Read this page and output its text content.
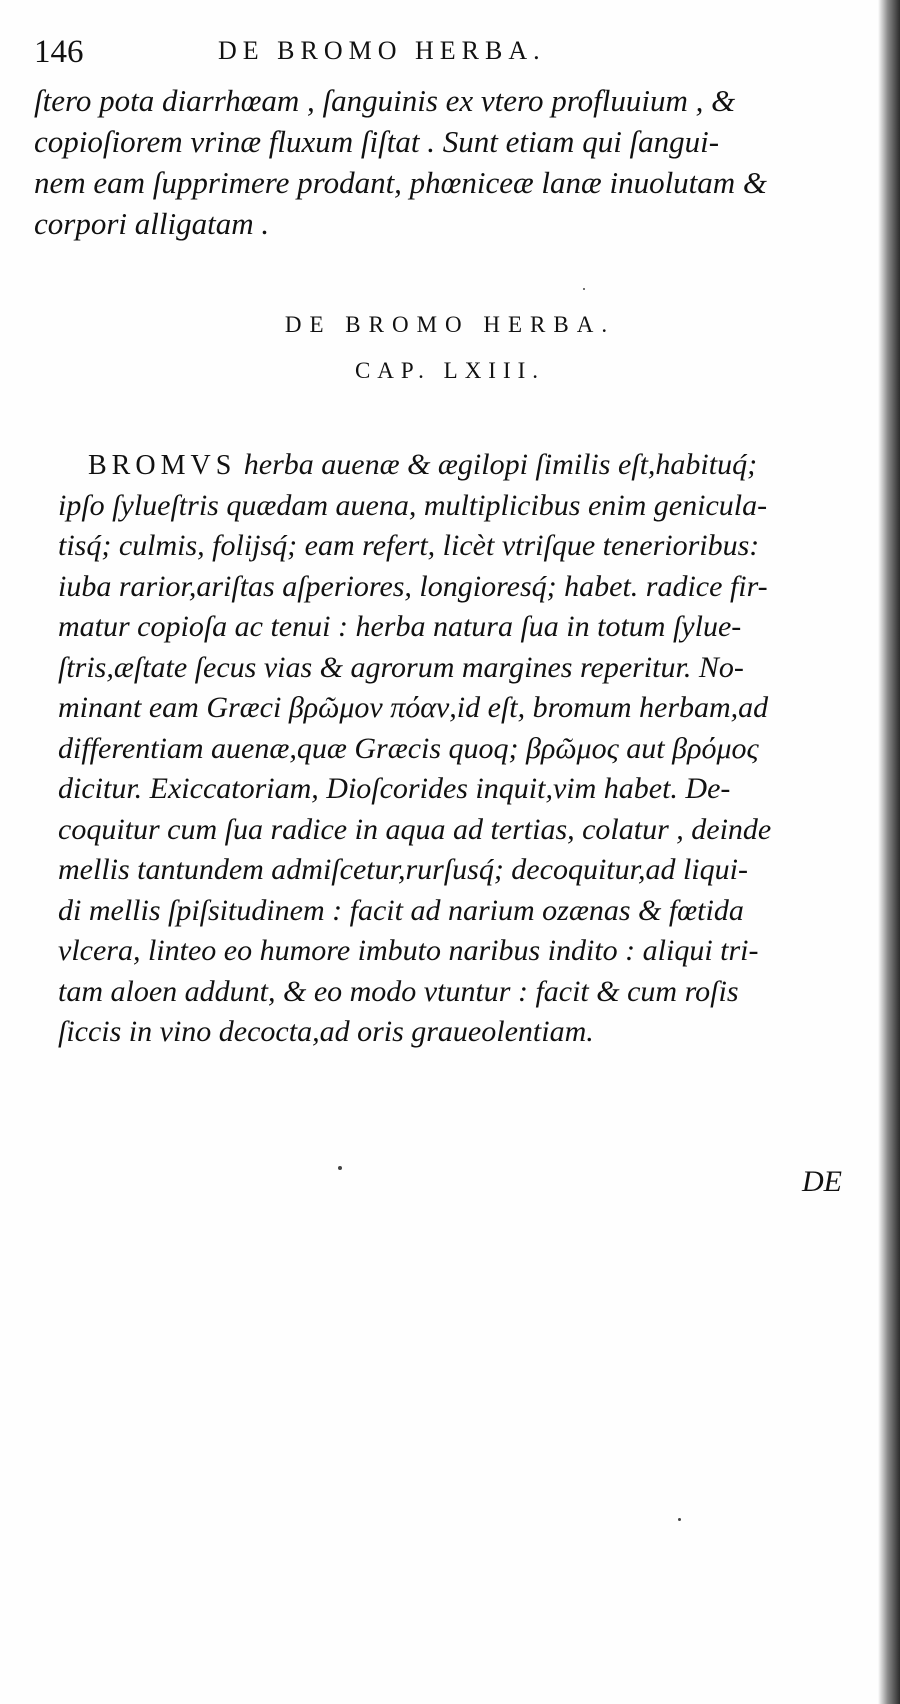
146	DE BROMO HERBA.
ſtero pota diarrhœam , ſanguinis ex vtero profluuium , &
copioſiorem vrinæ fluxum ſiſtat . Sunt etiam qui ſangui-
nem eam ſupprimere prodant, phœniceæ lanæ inuolutam &
corpori alligatam .
DE BROMO HERBA.
CAP. LXIII.
BROMVS herba auenæ & ægilopi ſimilis eſt,habituq́;
ipſo ſylueſtris quædam auena, multiplicibus enim genicula-
tisq́; culmis, folijsq́; eam refert, licèt vtriſque tenerioribus:
iuba rarior,ariſtas aſperiores, longioresq́; habet. radice fir-
matur copioſa ac tenui : herba natura ſua in totum ſylue-
ſtris,æſtate ſecus vias & agrorum margines reperitur. No-
minant eam Græci βρῶμον πόαν,id eſt, bromum herbam,ad
differentiam auenæ,quæ Græcis quoq; βρῶμος aut βρόμος
dicitur. Exiccatoriam, Dioſcorides inquit,vim habet. De-
coquitur cum ſua radice in aqua ad tertias, colatur , deinde
mellis tantundem admiſcetur,rurſusq́; decoquitur,ad liqui-
di mellis ſpiſsitudinem : facit ad narium ozænas & fœtida
vlcera, linteo eo humore imbuto naribus indito : aliqui tri-
tam aloen addunt, & eo modo vtuntur : facit & cum roſis
ſiccis in vino decocta,ad oris graueolentiam.
DE
